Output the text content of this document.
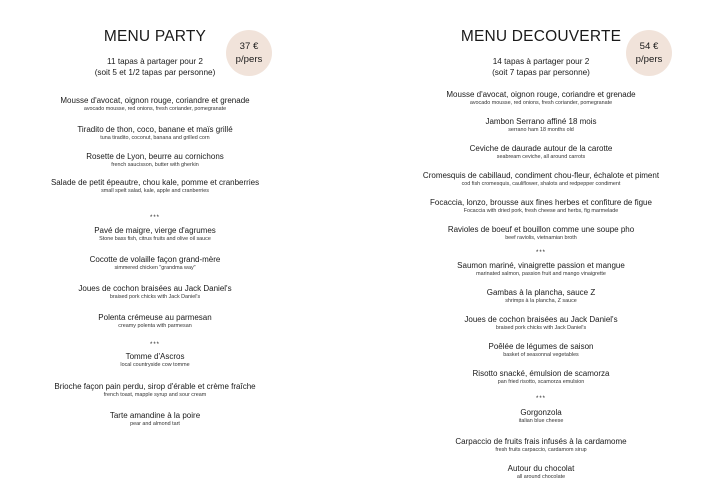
MENU PARTY
11 tapas à partager pour 2
(soit 5 et 1/2 tapas par personne)
37 €
p/pers
Mousse d'avocat, oignon rouge, coriandre et grenade
avocado mousse, red onions, fresh coriander, pomegranate
Tiradito de thon, coco, banane et maïs grillé
tuna tiradito, coconut, banana and grilled corn
Rosette de Lyon, beurre au cornichons
french saucisson, butter with gherkin
Salade de petit épeautre, chou kale, pomme et cranberries
small spelt salad, kale, apple and cranberries
***
Pavé de maigre, vierge d'agrumes
Stone bass fish, citrus fruits and olive oil sauce
Cocotte de volaille façon grand-mère
simmered chicken "grandma way"
Joues de cochon braisées au Jack Daniel's
braised pork chicks with Jack Daniel's
Polenta crémeuse au parmesan
creamy polenta with parmesan
***
Tomme d'Ascros
local countryside cow tomme
Brioche façon pain perdu, sirop d'érable et crème fraîche
french toast, mapple syrup and sour cream
Tarte amandine à la poire
pear and almond tart
MENU DECOUVERTE
14 tapas à partager pour 2
(soit 7 tapas par personne)
54 €
p/pers
Mousse d'avocat, oignon rouge, coriandre et grenade
avocado mousse, red onions, fresh coriander, pomegranate
Jambon Serrano affiné 18 mois
serrano ham 18 months old
Ceviche de daurade autour de la carotte
seabream ceviche, all around carrots
Cromesquis de cabillaud, condiment chou-fleur, échalote et piment
cod fish cromesquis, cauliflower, shalots and redpepper condiment
Focaccia, lonzo, brousse aux fines herbes et confiture de figue
Focaccia with dried pork, fresh cheese and herbs, fig marmelade
Ravioles de boeuf et bouillon comme une soupe pho
beef raviolis, vietnamian broth
***
Saumon mariné, vinaigrette passion et mangue
marinated salmon, passion fruit and mango vinaigrette
Gambas à la plancha, sauce Z
shrimps à la plancha, Z sauce
Joues de cochon braisées au Jack Daniel's
braised pork chicks with Jack Daniel's
Poêlée de légumes de saison
basket of seasonnal vegetables
Risotto snacké, émulsion de scamorza
pan fried risotto, scamorza emulsion
***
Gorgonzola
italian blue cheese
Carpaccio de fruits frais infusés à la cardamome
fresh fruits carpaccio, cardamom sirup
Autour du chocolat
all around chocolate
